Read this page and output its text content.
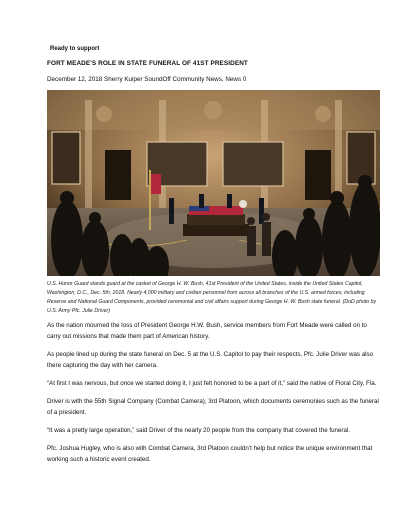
Ready to support
FORT MEADE'S ROLE IN STATE FUNERAL OF 41ST PRESIDENT
December 12, 2018 Sherry Kuiper SoundOff Community News, News 0
U.S. Honor Guard stands guard at the casket of George H. W. Bush, 41st President of the United States, inside the United States Capitol, Washington, D.C., Dec. 5th, 2018. Nearly 4,000 military and civilian personnel from across all branches of the U.S. armed forces, including Reserve and National Guard Components, provided ceremonial and civil affairs support during George H. W. Bush state funeral. (DoD photo by U.S. Army Pfc. Julie Driver)

As the nation mourned the loss of President George H.W. Bush, service members from Fort Meade were called on to carry out missions that made them part of American history.

As people lined up during the state funeral on Dec. 5 at the U.S. Capitol to pay their respects, Pfc. Julie Driver was also there capturing the day with her camera.

“At first I was nervous, but once we started doing it, I just felt honored to be a part of it,” said the native of Floral City, Fla.

Driver is with the 55th Signal Company (Combat Camera), 3rd Platoon, which documents ceremonies such as the funeral of a president.

“It was a pretty large operation,” said Driver of the nearly 20 people from the company that covered the funeral.

Pfc. Joshua Hugley, who is also with Combat Camera, 3rd Platoon couldn’t help but notice the unique environment that working such a historic event created.
